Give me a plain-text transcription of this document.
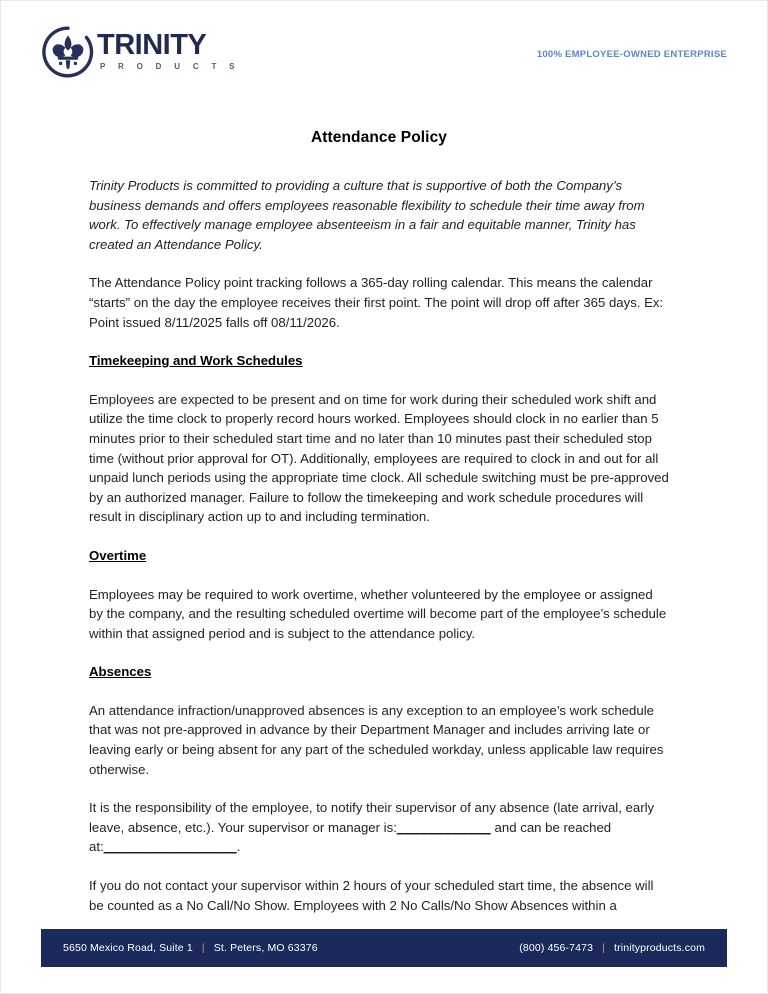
TRINITY
P R O D U C T S
100% EMPLOYEE-OWNED ENTERPRISE
Attendance Policy

Trinity Products is committed to providing a culture that is supportive of both the Company’s business demands and offers employees reasonable flexibility to schedule their time away from work. To effectively manage employee absenteeism in a fair and equitable manner, Trinity has created an Attendance Policy.

The Attendance Policy point tracking follows a 365-day rolling calendar. This means the calendar “starts” on the day the employee receives their first point. The point will drop off after 365 days. Ex: Point issued 8/11/2025 falls off 08/11/2026.

Timekeeping and Work Schedules

Employees are expected to be present and on time for work during their scheduled work shift and utilize the time clock to properly record hours worked. Employees should clock in no earlier than 5 minutes prior to their scheduled start time and no later than 10 minutes past their scheduled stop time (without prior approval for OT). Additionally, employees are required to clock in and out for all unpaid lunch periods using the appropriate time clock. All schedule switching must be pre-approved by an authorized manager. Failure to follow the timekeeping and work schedule procedures will result in disciplinary action up to and including termination.

Overtime

Employees may be required to work overtime, whether volunteered by the employee or assigned by the company, and the resulting scheduled overtime will become part of the employee’s schedule within that assigned period and is subject to the attendance policy.

Absences

An attendance infraction/unapproved absences is any exception to an employee’s work schedule that was not pre-approved in advance by their Department Manager and includes arriving late or leaving early or being absent for any part of the scheduled workday, unless applicable law requires otherwise.

It is the responsibility of the employee, to notify their supervisor of any absence (late arrival, early leave, absence, etc.). Your supervisor or manager is:____________ and can be reached at:_________________.

If you do not contact your supervisor within 2 hours of your scheduled start time, the absence will be counted as a No Call/No Show. Employees with 2 No Calls/No Show Absences within a

5650 Mexico Road, Suite 1 | St. Peters, MO 63376	(800) 456-7473 | trinityproducts.com
